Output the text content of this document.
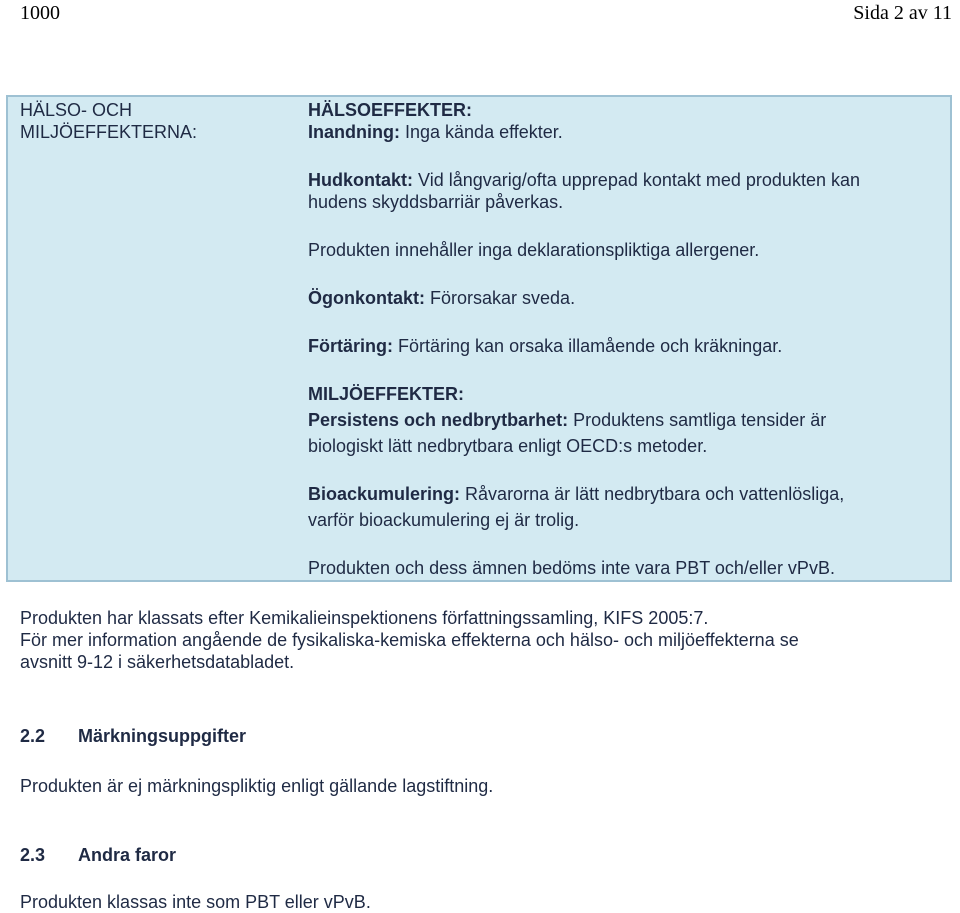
1000	Sida 2 av 11
HÄLSO- OCH
MILJÖEFFEKTERNA:
HÄLSOEFFEKTER:
Inandning: Inga kända effekter.
Hudkontakt: Vid långvarig/ofta upprepad kontakt med produkten kan
hudens skyddsbarriär påverkas.
Produkten innehåller inga deklarationspliktiga allergener.
Ögonkontakt: Förorsakar sveda.
Förtäring: Förtäring kan orsaka illamående och kräkningar.
MILJÖEFFEKTER:
Persistens och nedbrytbarhet: Produktens samtliga tensider är
biologiskt lätt nedbrytbara enligt OECD:s metoder.
Bioackumulering: Råvarorna är lätt nedbrytbara och vattenlösliga,
varför bioackumulering ej är trolig.
Produkten och dess ämnen bedöms inte vara PBT och/eller vPvB.
Produkten har klassats efter Kemikalieinspektionens författningssamling, KIFS 2005:7.
För mer information angående de fysikaliska-kemiska effekterna och hälso- och miljöeffekterna se
avsnitt 9-12 i säkerhetsdatabladet.
2.2 Märkningsuppgifter
Produkten är ej märkningspliktig enligt gällande lagstiftning.
2.3 Andra faror
Produkten klassas inte som PBT eller vPvB.
